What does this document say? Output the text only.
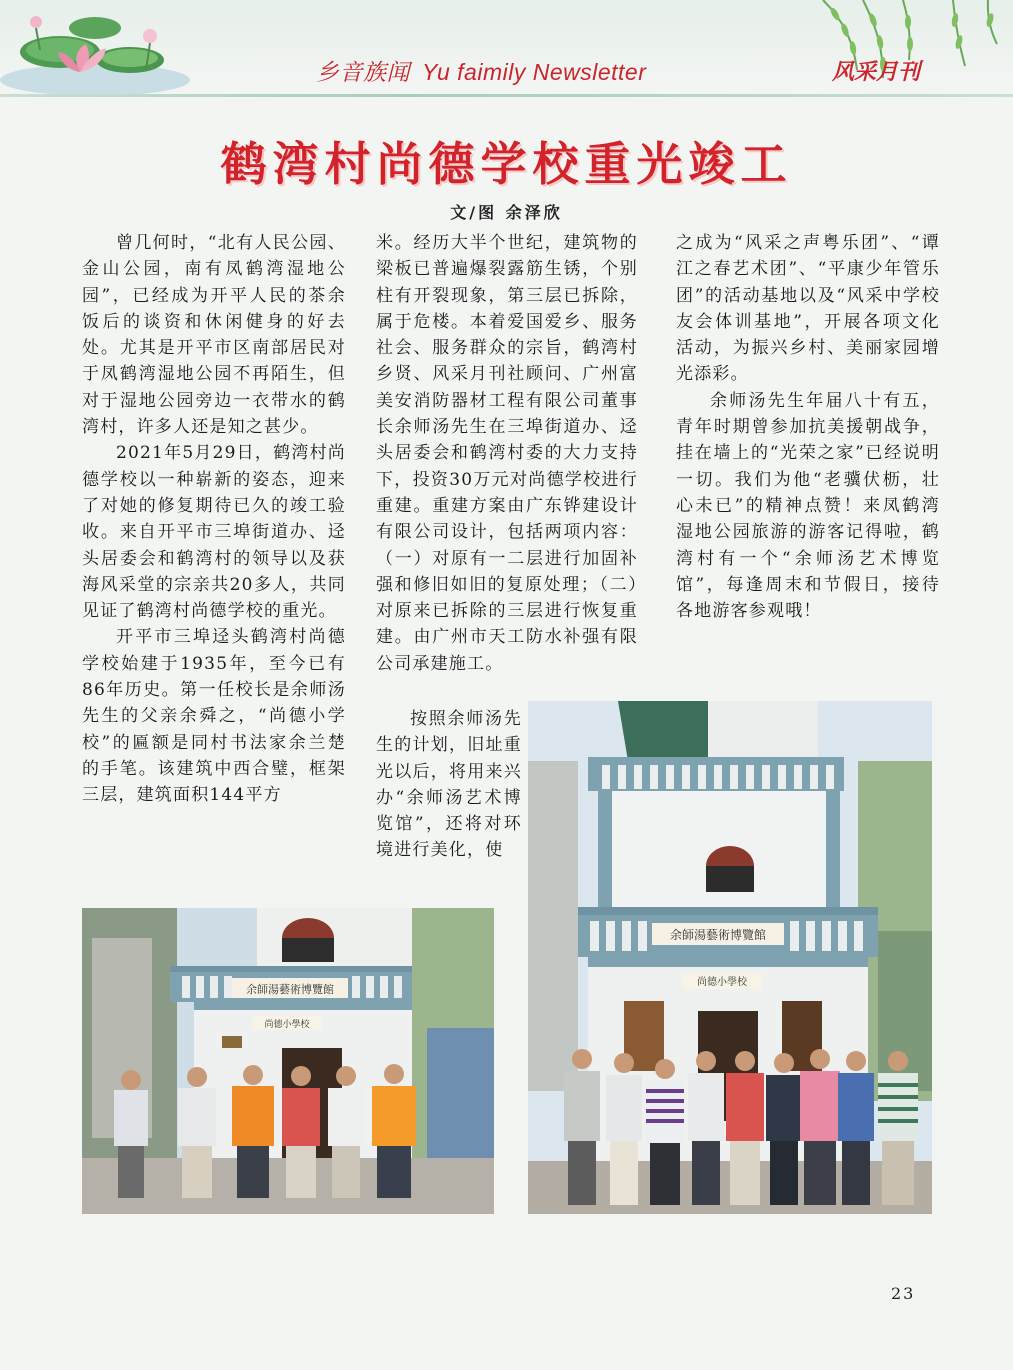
乡音族闻 Yu faimily Newsletter	风采月刊
鹤湾村尚德学校重光竣工
文/图 余泽欣

曾几何时，“北有人民公园、金山公园，南有凤鹤湾湿地公园”，已经成为开平人民的茶余饭后的谈资和休闲健身的好去处。尤其是开平市区南部居民对于凤鹤湾湿地公园不再陌生，但对于湿地公园旁边一衣带水的鹤湾村，许多人还是知之甚少。

2021年5月29日，鹤湾村尚德学校以一种崭新的姿态，迎来了对她的修复期待已久的竣工验收。来自开平市三埠街道办、迳头居委会和鹤湾村的领导以及获海风采堂的宗亲共20多人，共同见证了鹤湾村尚德学校的重光。

开平市三埠迳头鹤湾村尚德学校始建于1935年，至今已有86年历史。第一任校长是余师汤先生的父亲余舜之，“尚德小学校”的匾额是同村书法家余兰楚的手笔。该建筑中西合璧，框架三层，建筑面积144平方

米。经历大半个世纪，建筑物的梁板已普遍爆裂露筋生锈，个别柱有开裂现象，第三层已拆除，属于危楼。本着爱国爱乡、服务社会、服务群众的宗旨，鹤湾村乡贤、风采月刊社顾问、广州富美安消防器材工程有限公司董事长余师汤先生在三埠街道办、迳头居委会和鹤湾村委的大力支持下，投资30万元对尚德学校进行重建。重建方案由广东铧建设计有限公司设计，包括两项内容：（一）对原有一二层进行加固补强和修旧如旧的复原处理；（二）对原来已拆除的三层进行恢复重建。由广州市天工防水补强有限公司承建施工。

按照余师汤先生的计划，旧址重光以后，将用来兴办“余师汤艺术博览馆”，还将对环境进行美化，使

之成为“风采之声粤乐团”、“谭江之春艺术团”、“平康少年管乐团”的活动基地以及“风采中学校友会体训基地”，开展各项文化活动，为振兴乡村、美丽家园增光添彩。

余师汤先生年届八十有五，青年时期曾参加抗美援朝战争，挂在墙上的“光荣之家”已经说明一切。我们为他“老骥伏枥，壮心未已”的精神点赞！来凤鹤湾湿地公园旅游的游客记得啦，鹤湾村有一个“余师汤艺术博览馆”，每逢周末和节假日，接待各地游客参观哦！

余師湯藝術博覽館
尚德小學校
余師湯藝術博覽館
尚德小學校
23
